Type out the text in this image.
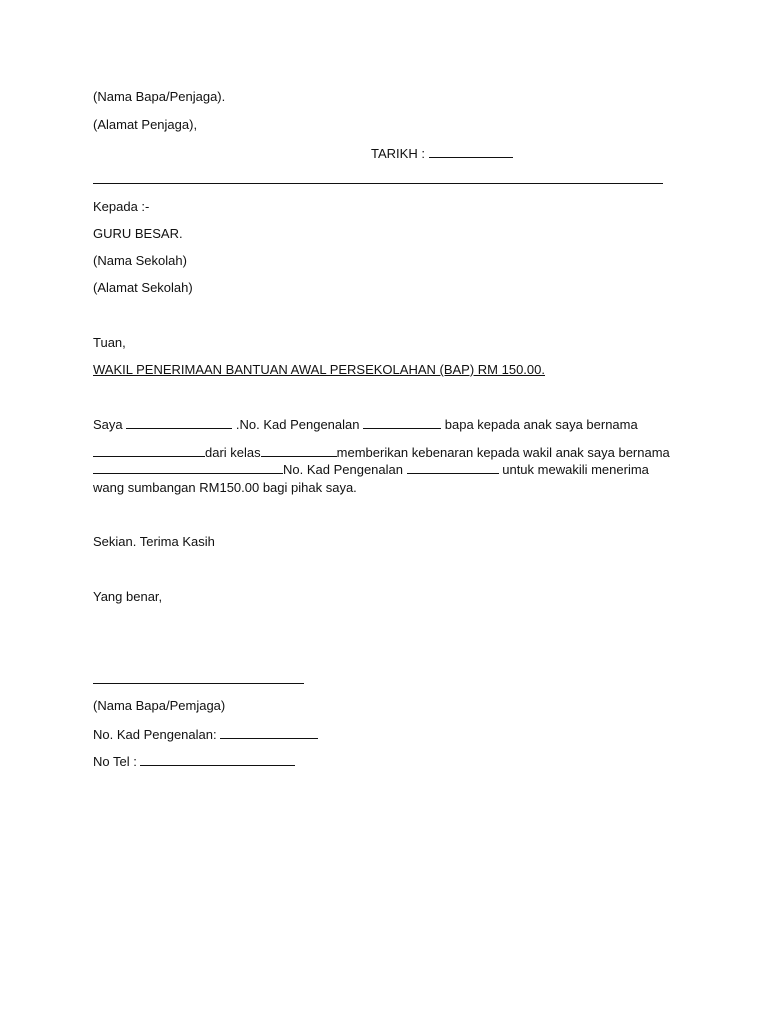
(Nama Bapa/Penjaga).
(Alamat Penjaga),
TARIKH :
Kepada :-
GURU BESAR.
(Nama Sekolah)
(Alamat Sekolah)
Tuan,
WAKIL PENERIMAAN BANTUAN AWAL PERSEKOLAHAN (BAP) RM 150.00.
Saya	.No. Kad Pengenalan	bapa kepada anak saya bernama
dari kelas	memberikan kebenaran kepada wakil anak saya bernama
No. Kad Pengenalan	untuk mewakili menerima
wang sumbangan RM150.00 bagi pihak saya.
Sekian. Terima Kasih
Yang benar,
(Nama Bapa/Pemjaga)
No. Kad Pengenalan:
No Tel :
